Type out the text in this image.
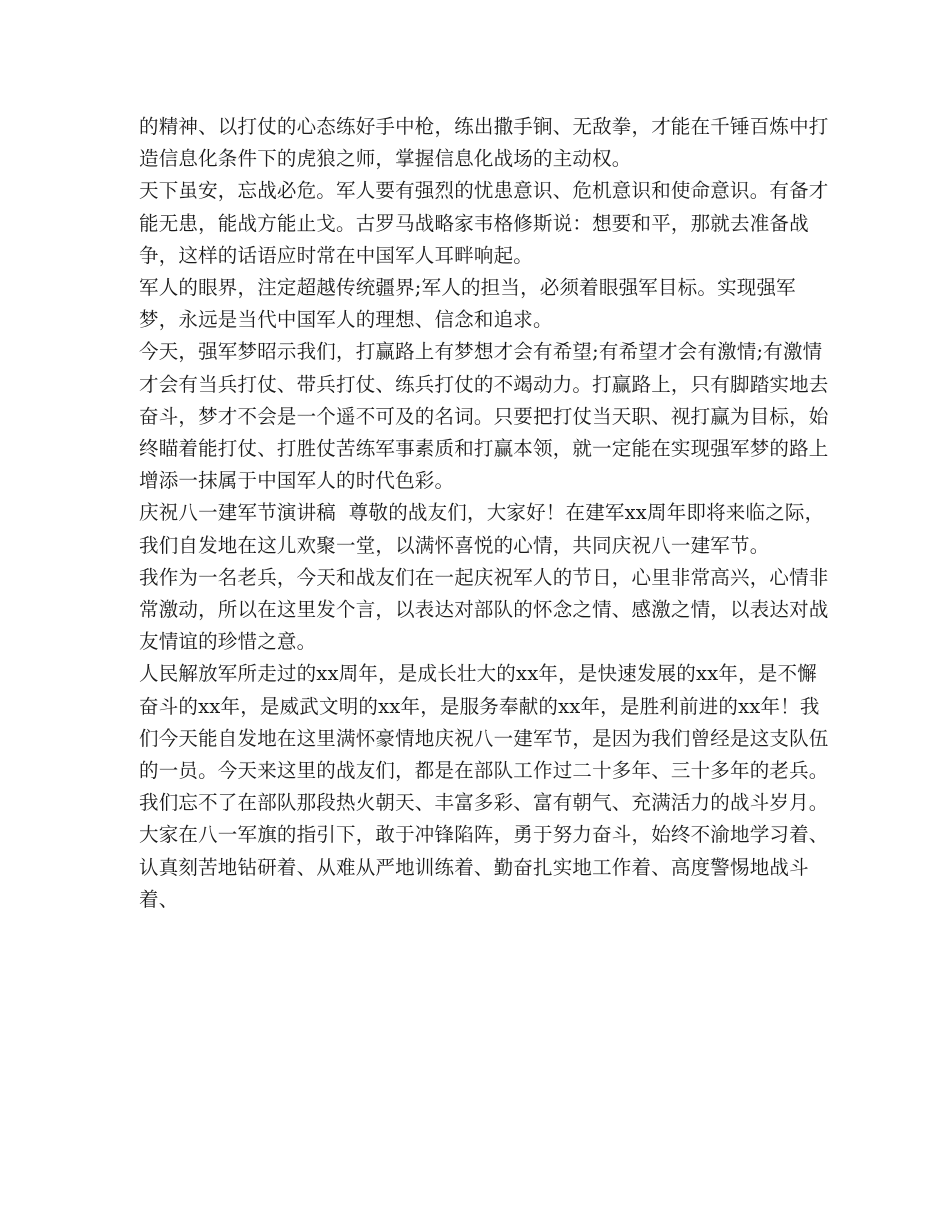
的精神、以打仗的心态练好手中枪，练出撒手锏、无敌拳，才能在千锤百炼中打造信息化条件下的虎狼之师，掌握信息化战场的主动权。

天下虽安，忘战必危。军人要有强烈的忧患意识、危机意识和使命意识。有备才能无患，能战方能止戈。古罗马战略家韦格修斯说：想要和平，那就去准备战争，这样的话语应时常在中国军人耳畔响起。

军人的眼界，注定超越传统疆界;军人的担当，必须着眼强军目标。实现强军梦，永远是当代中国军人的理想、信念和追求。

今天，强军梦昭示我们，打赢路上有梦想才会有希望;有希望才会有激情;有激情才会有当兵打仗、带兵打仗、练兵打仗的不竭动力。打赢路上，只有脚踏实地去奋斗，梦才不会是一个遥不可及的名词。只要把打仗当天职、视打赢为目标，始终瞄着能打仗、打胜仗苦练军事素质和打赢本领，就一定能在实现强军梦的路上增添一抹属于中国军人的时代色彩。

庆祝八一建军节演讲稿  尊敬的战友们，大家好！在建军xx周年即将来临之际，我们自发地在这儿欢聚一堂，以满怀喜悦的心情，共同庆祝八一建军节。

我作为一名老兵，今天和战友们在一起庆祝军人的节日，心里非常高兴，心情非常激动，所以在这里发个言，以表达对部队的怀念之情、感激之情，以表达对战友情谊的珍惜之意。

人民解放军所走过的xx周年，是成长壮大的xx年，是快速发展的xx年，是不懈奋斗的xx年，是威武文明的xx年，是服务奉献的xx年，是胜利前进的xx年！我们今天能自发地在这里满怀豪情地庆祝八一建军节，是因为我们曾经是这支队伍的一员。今天来这里的战友们，都是在部队工作过二十多年、三十多年的老兵。我们忘不了在部队那段热火朝天、丰富多彩、富有朝气、充满活力的战斗岁月。大家在八一军旗的指引下，敢于冲锋陷阵，勇于努力奋斗，始终不渝地学习着、认真刻苦地钻研着、从难从严地训练着、勤奋扎实地工作着、高度警惕地战斗着、
